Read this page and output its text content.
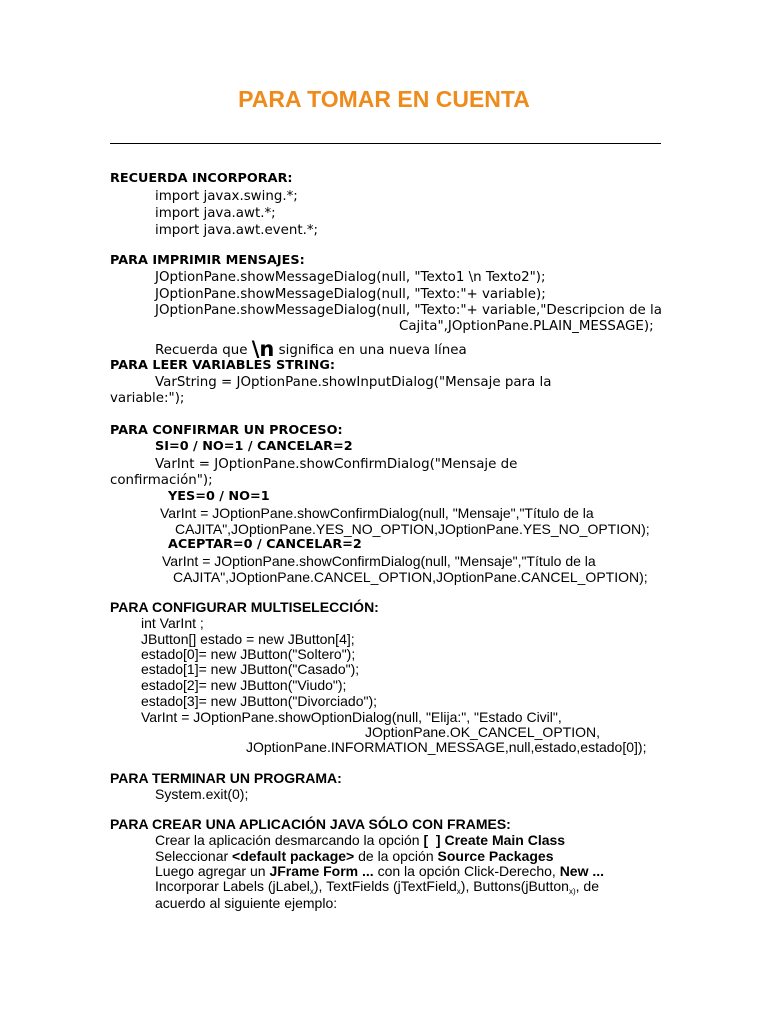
PARA TOMAR EN CUENTA
RECUERDA INCORPORAR:
import javax.swing.*;
import java.awt.*;
import java.awt.event.*;
PARA IMPRIMIR MENSAJES:
JOptionPane.showMessageDialog(null, "Texto1 \n Texto2");
JOptionPane.showMessageDialog(null, "Texto:"+ variable);
JOptionPane.showMessageDialog(null, "Texto:"+ variable,"Descripcion de la
Cajita",JOptionPane.PLAIN_MESSAGE);
Recuerda que \n significa en una nueva línea
PARA LEER VARIABLES STRING:
VarString = JOptionPane.showInputDialog("Mensaje para la
variable:");
PARA CONFIRMAR UN PROCESO:
SI=0 / NO=1 / CANCELAR=2
VarInt = JOptionPane.showConfirmDialog("Mensaje de
confirmación");
YES=0 / NO=1
VarInt = JOptionPane.showConfirmDialog(null, "Mensaje","Título de la
CAJITA",JOptionPane.YES_NO_OPTION,JOptionPane.YES_NO_OPTION);
ACEPTAR=0 / CANCELAR=2
VarInt = JOptionPane.showConfirmDialog(null, "Mensaje","Título de la
CAJITA",JOptionPane.CANCEL_OPTION,JOptionPane.CANCEL_OPTION);
PARA CONFIGURAR MULTISELECCIÓN:
int VarInt ;
JButton[] estado = new JButton[4];
estado[0]= new JButton("Soltero");
estado[1]= new JButton("Casado");
estado[2]= new JButton("Viudo");
estado[3]= new JButton("Divorciado");
VarInt = JOptionPane.showOptionDialog(null, "Elija:", "Estado Civil",
JOptionPane.OK_CANCEL_OPTION,
JOptionPane.INFORMATION_MESSAGE,null,estado,estado[0]);
PARA TERMINAR UN PROGRAMA:
System.exit(0);
PARA CREAR UNA APLICACIÓN JAVA SÓLO CON FRAMES:
Crear la aplicación desmarcando la opción [  ] Create Main Class
Seleccionar <default package> de la opción Source Packages
Luego agregar un JFrame Form ... con la opción Click-Derecho, New ...
Incorporar Labels (jLabel$_x$), TextFields (jTextField$_x$), Buttons(jButton$_{x)}$, de
acuerdo al siguiente ejemplo:
